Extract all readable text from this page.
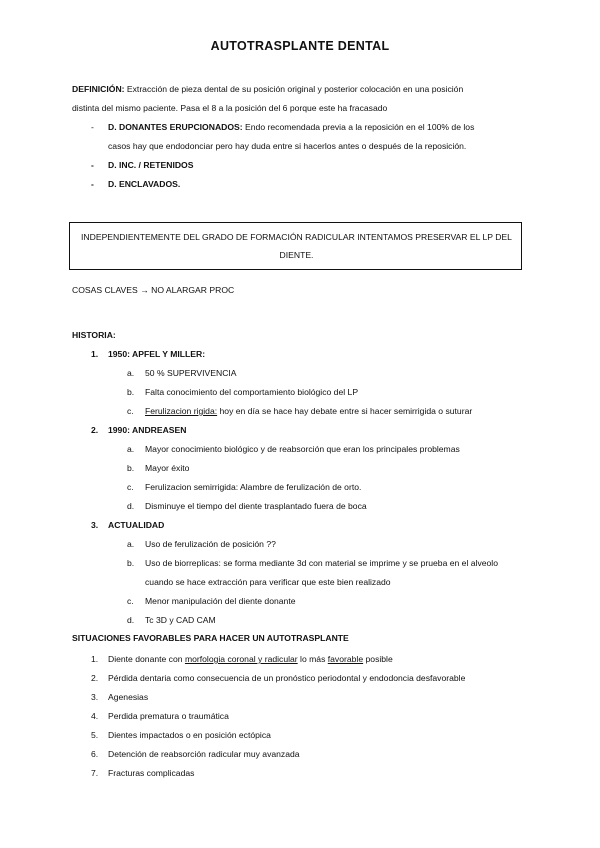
AUTOTRASPLANTE DENTAL
DEFINICIÓN: Extracción de pieza dental de su posición original y posterior colocación en una posición
distinta del mismo paciente. Pasa el 8 a la posición del 6 porque este ha fracasado
- D. DONANTES ERUPCIONADOS: Endo recomendada previa a la reposición en el 100% de los
casos hay que endodonciar pero hay duda entre si hacerlos antes o después de la reposición.
- D. INC. / RETENIDOS
- D. ENCLAVADOS.
INDEPENDIENTEMENTE DEL GRADO DE FORMACIÓN RADICULAR INTENTAMOS PRESERVAR EL LP DEL
DIENTE.
COSAS CLAVES → NO ALARGAR PROC
HISTORIA:
1. 1950: APFEL Y MILLER:
a. 50 % SUPERVIVENCIA
b. Falta conocimiento del comportamiento biológico del LP
c. Ferulizacion rigida: hoy en día se hace hay debate entre si hacer semirrigida o suturar
2. 1990: ANDREASEN
a. Mayor conocimiento biológico y de reabsorción que eran los principales problemas
b. Mayor éxito
c. Ferulizacion semirrigida: Alambre de ferulización de orto.
d. Disminuye el tiempo del diente trasplantado fuera de boca
3. ACTUALIDAD
a. Uso de ferulización de posición ??
b. Uso de biorreplicas: se forma mediante 3d con material se imprime y se prueba en el alveolo
cuando se hace extracción para verificar que este bien realizado
c. Menor manipulación del diente donante
d. Tc 3D y CAD CAM
SITUACIONES FAVORABLES PARA HACER UN AUTOTRASPLANTE
1. Diente donante con morfologia coronal y radicular lo más favorable posible
2. Pérdida dentaria como consecuencia de un pronóstico periodontal y endodoncia desfavorable
3. Agenesias
4. Perdida prematura o traumática
5. Dientes impactados o en posición ectópica
6. Detención de reabsorción radicular muy avanzada
7. Fracturas complicadas
